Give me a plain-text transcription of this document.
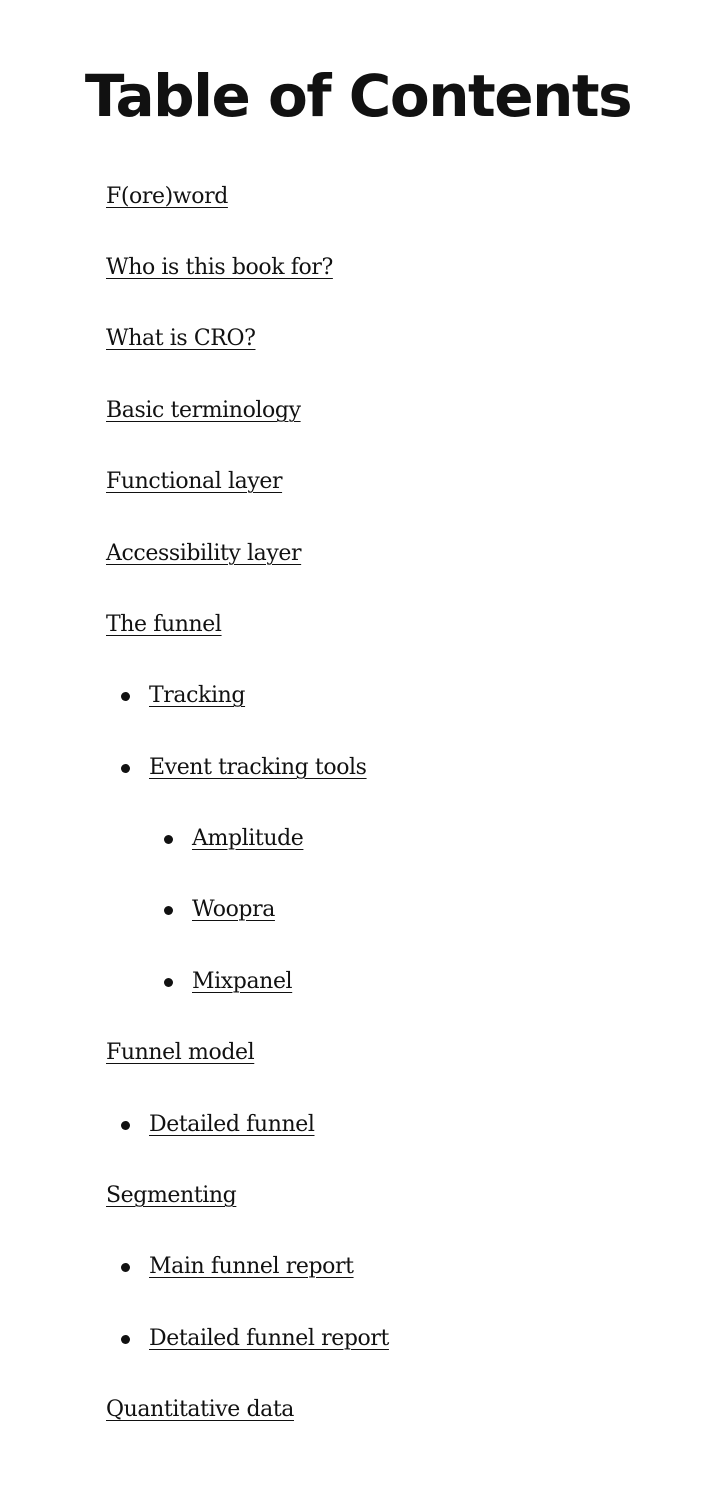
Table of Contents
F(ore)word
Who is this book for?
What is CRO?
Basic terminology
Functional layer
Accessibility layer
The funnel
Tracking
Event tracking tools
Amplitude
Woopra
Mixpanel
Funnel model
Detailed funnel
Segmenting
Main funnel report
Detailed funnel report
Quantitative data
